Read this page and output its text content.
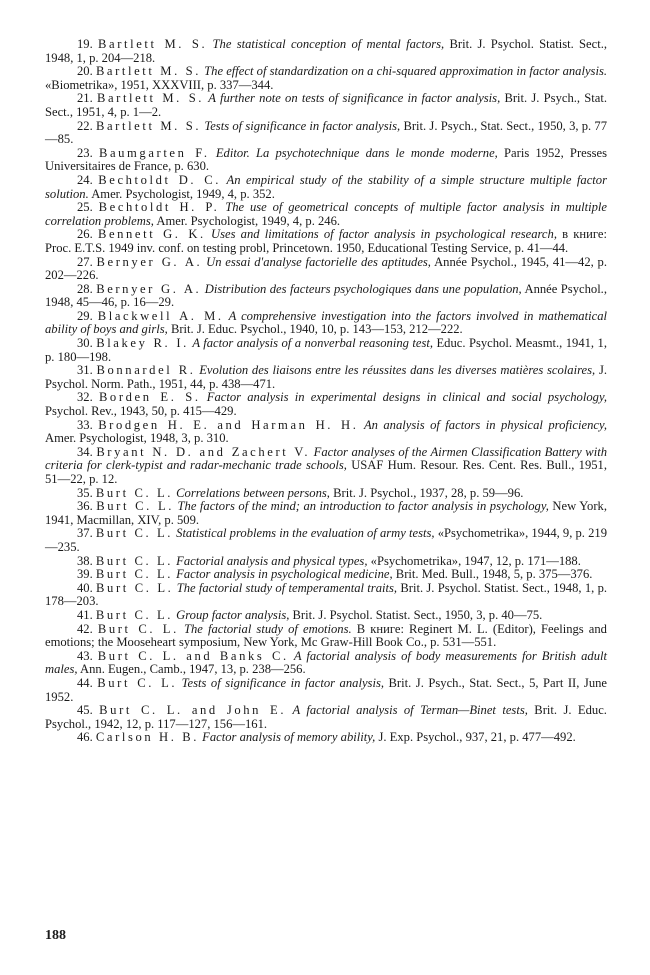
19. Bartlett M. S. The statistical conception of mental factors, Brit. J. Psychol. Statist. Sect., 1948, 1, p. 204—218.

20. Bartlett M. S. The effect of standardization on a chi-squared approximation in factor analysis. «Biometrika», 1951, XXXVIII, p. 337—344.

21. Bartlett M. S. A further note on tests of significance in factor analysis, Brit. J. Psych., Stat. Sect., 1951, 4, p. 1—2.

22. Bartlett M. S. Tests of significance in factor analysis, Brit. J. Psych., Stat. Sect., 1950, 3, p. 77—85.

23. Baumgarten F. Editor. La psychotechnique dans le monde moderne, Paris 1952, Presses Universitaires de France, p. 630.

24. Bechtoldt D. C. An empirical study of the stability of a simple structure multiple factor solution. Amer. Psychologist, 1949, 4, p. 352.

25. Bechtoldt H. P. The use of geometrical concepts of multiple factor analysis in multiple correlation problems, Amer. Psychologist, 1949, 4, p. 246.

26. Bennett G. K. Uses and limitations of factor analysis in psychological research, в книге: Proc. E.T.S. 1949 inv. conf. on testing probl, Princetown. 1950, Educational Testing Service, p. 41—44.

27. Bernyer G. A. Un essai d'analyse factorielle des aptitudes, Année Psychol., 1945, 41—42, p. 202—226.

28. Bernyer G. A. Distribution des facteurs psychologiques dans une population, Année Psychol., 1948, 45—46, p. 16—29.

29. Blackwell A. M. A comprehensive investigation into the factors involved in mathematical ability of boys and girls, Brit. J. Educ. Psychol., 1940, 10, p. 143—153, 212—222.

30. Blakey R. I. A factor analysis of a nonverbal reasoning test, Educ. Psychol. Measmt., 1941, 1, p. 180—198.

31. Bonnardel R. Evolution des liaisons entre les réussites dans les diverses matières scolaires, J. Psychol. Norm. Path., 1951, 44, p. 438—471.

32. Borden E. S. Factor analysis in experimental designs in clinical and social psychology, Psychol. Rev., 1943, 50, p. 415—429.

33. Brodgen H. E. and Harman H. H. An analysis of factors in physical proficiency, Amer. Psychologist, 1948, 3, p. 310.

34. Bryant N. D. and Zachert V. Factor analyses of the Airmen Classification Battery with criteria for clerk-typist and radar-mechanic trade schools, USAF Hum. Resour. Res. Cent. Res. Bull., 1951, 51—22, p. 12.

35. Burt C. L. Correlations between persons, Brit. J. Psychol., 1937, 28, p. 59—96.

36. Burt C. L. The factors of the mind; an introduction to factor analysis in psychology, New York, 1941, Macmillan, XIV, p. 509.

37. Burt C. L. Statistical problems in the evaluation of army tests, «Psychometrika», 1944, 9, p. 219—235.

38. Burt C. L. Factorial analysis and physical types, «Psychometrika», 1947, 12, p. 171—188.

39. Burt C. L. Factor analysis in psychological medicine, Brit. Med. Bull., 1948, 5, p. 375—376.

40. Burt C. L. The factorial study of temperamental traits, Brit. J. Psychol. Statist. Sect., 1948, 1, p. 178—203.

41. Burt C. L. Group factor analysis, Brit. J. Psychol. Statist. Sect., 1950, 3, p. 40—75.

42. Burt C. L. The factorial study of emotions. В книге: Reginert M. L. (Editor), Feelings and emotions; the Mooseheart symposium, New York, Mc Graw-Hill Book Co., p. 531—551.

43. Burt C. L. and Banks C. A factorial analysis of body measurements for British adult males, Ann. Eugen., Camb., 1947, 13, p. 238—256.

44. Burt C. L. Tests of significance in factor analysis, Brit. J. Psych., Stat. Sect., 5, Part II, June 1952.

45. Burt C. L. and John E. A factorial analysis of Terman—Binet tests, Brit. J. Educ. Psychol., 1942, 12, p. 117—127, 156—161.

46. Carlson H. B. Factor analysis of memory ability, J. Exp. Psychol., 937, 21, p. 477—492.

188
